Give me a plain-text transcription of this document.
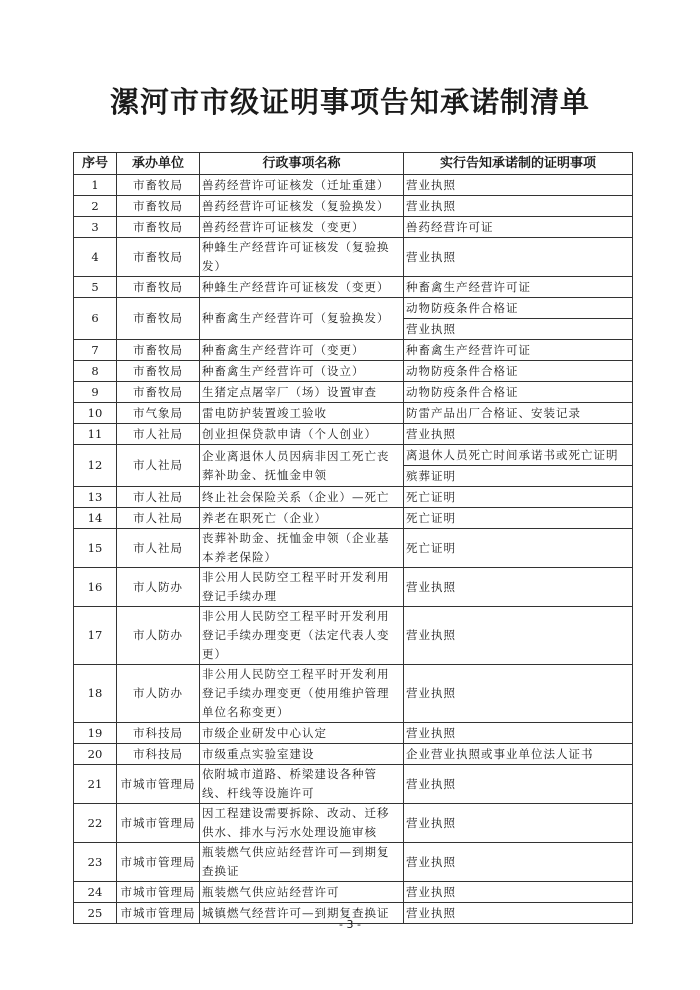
漯河市市级证明事项告知承诺制清单
序号	承办单位	行政事项名称	实行告知承诺制的证明事项
1	市畜牧局	兽药经营许可证核发（迁址重建）	营业执照
2	市畜牧局	兽药经营许可证核发（复验换发）	营业执照
3	市畜牧局	兽药经营许可证核发（变更）	兽药经营许可证
4	市畜牧局	种蜂生产经营许可证核发（复验换发）	营业执照
5	市畜牧局	种蜂生产经营许可证核发（变更）	种畜禽生产经营许可证
6	市畜牧局	种畜禽生产经营许可（复验换发）	动物防疫条件合格证
			营业执照
7	市畜牧局	种畜禽生产经营许可（变更）	种畜禽生产经营许可证
8	市畜牧局	种畜禽生产经营许可（设立）	动物防疫条件合格证
9	市畜牧局	生猪定点屠宰厂（场）设置审查	动物防疫条件合格证
10	市气象局	雷电防护装置竣工验收	防雷产品出厂合格证、安装记录
11	市人社局	创业担保贷款申请（个人创业）	营业执照
12	市人社局	企业离退休人员因病非因工死亡丧葬补助金、抚恤金申领	离退休人员死亡时间承诺书或死亡证明
			殡葬证明
13	市人社局	终止社会保险关系（企业）—死亡	死亡证明
14	市人社局	养老在职死亡（企业）	死亡证明
15	市人社局	丧葬补助金、抚恤金申领（企业基本养老保险）	死亡证明
16	市人防办	非公用人民防空工程平时开发利用登记手续办理	营业执照
17	市人防办	非公用人民防空工程平时开发利用登记手续办理变更（法定代表人变更）	营业执照
18	市人防办	非公用人民防空工程平时开发利用登记手续办理变更（使用维护管理单位名称变更）	营业执照
19	市科技局	市级企业研发中心认定	营业执照
20	市科技局	市级重点实验室建设	企业营业执照或事业单位法人证书
21	市城市管理局	依附城市道路、桥梁建设各种管线、杆线等设施许可	营业执照
22	市城市管理局	因工程建设需要拆除、改动、迁移供水、排水与污水处理设施审核	营业执照
23	市城市管理局	瓶装燃气供应站经营许可—到期复查换证	营业执照
24	市城市管理局	瓶装燃气供应站经营许可	营业执照
25	市城市管理局	城镇燃气经营许可—到期复查换证	营业执照
- 3 -
